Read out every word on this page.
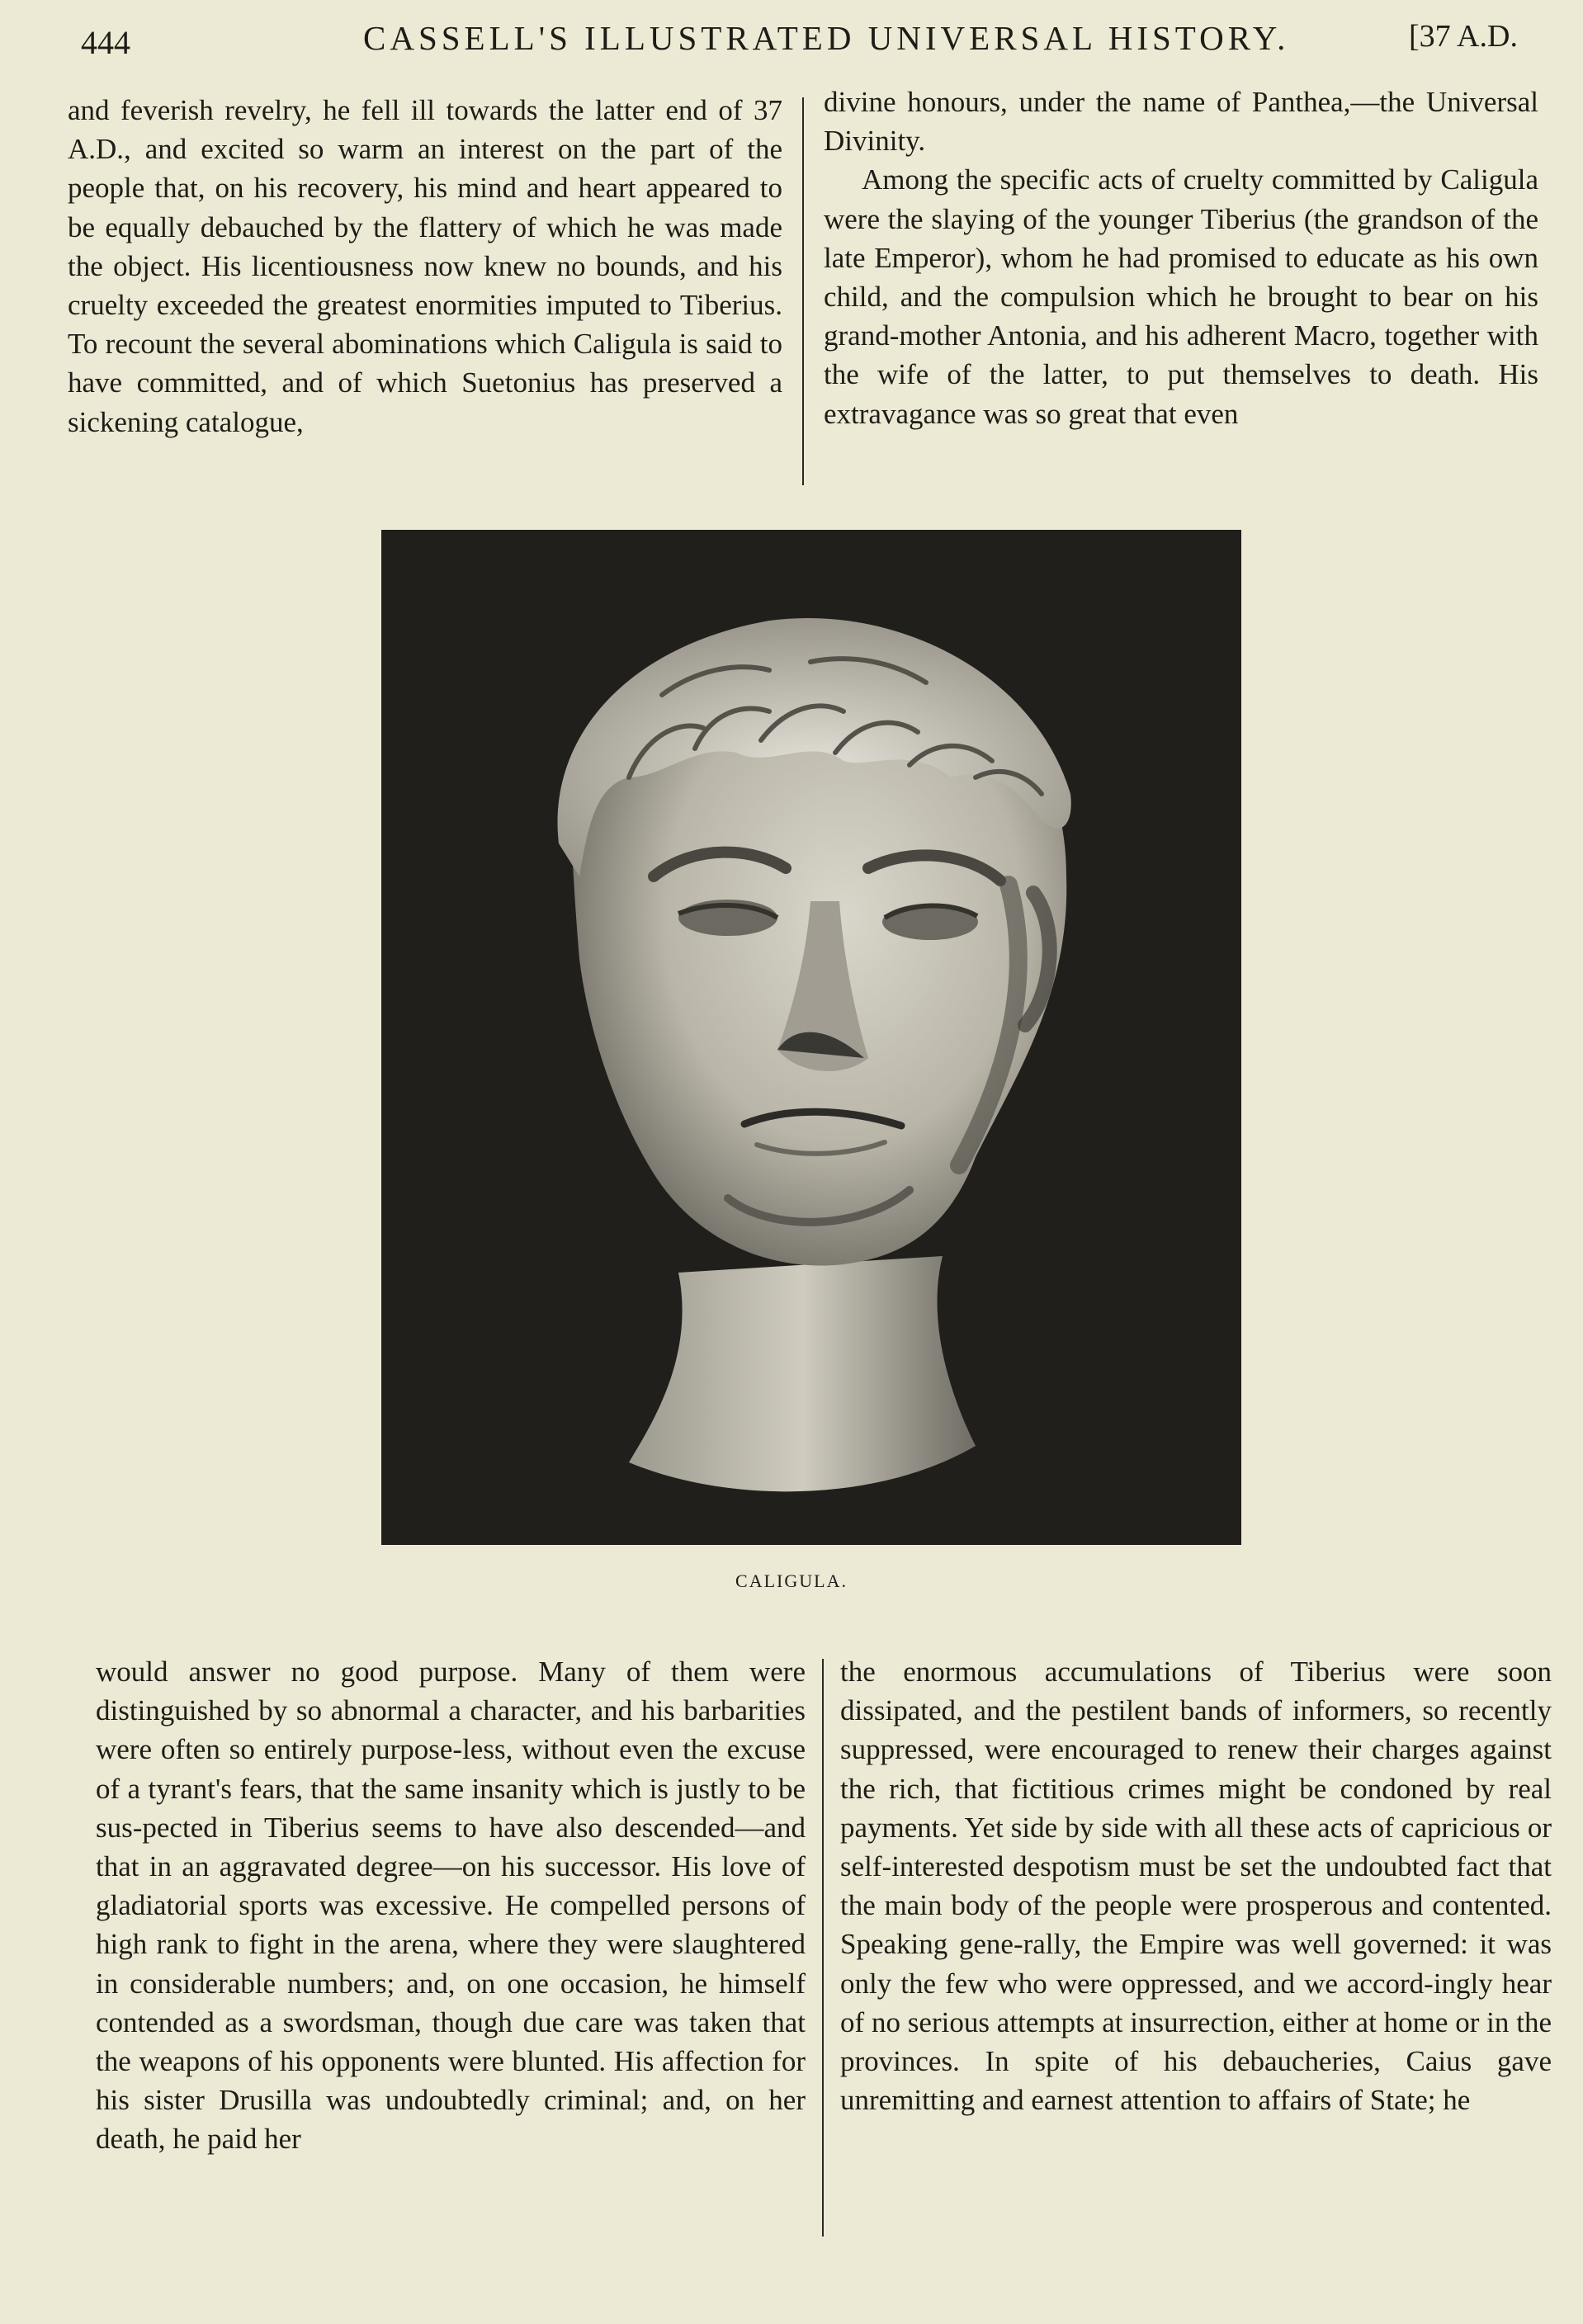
444	CASSELL'S ILLUSTRATED UNIVERSAL HISTORY.	[37 A.D.

and feverish revelry, he fell ill towards the latter end of 37 A.D., and excited so warm an interest on the part of the people that, on his recovery, his mind and heart appeared to be equally debauched by the flattery of which he was made the object. His licentiousness now knew no bounds, and his cruelty exceeded the greatest enormities imputed to Tiberius. To recount the several abominations which Caligula is said to have committed, and of which Suetonius has preserved a sickening catalogue,

divine honours, under the name of Panthea,—the Universal Divinity.

Among the specific acts of cruelty committed by Caligula were the slaying of the younger Tiberius (the grandson of the late Emperor), whom he had promised to educate as his own child, and the compulsion which he brought to bear on his grand-mother Antonia, and his adherent Macro, together with the wife of the latter, to put themselves to death. His extravagance was so great that even

CALIGULA.

would answer no good purpose. Many of them were distinguished by so abnormal a character, and his barbarities were often so entirely purpose-less, without even the excuse of a tyrant's fears, that the same insanity which is justly to be sus-pected in Tiberius seems to have also descended—and that in an aggravated degree—on his successor. His love of gladiatorial sports was excessive. He compelled persons of high rank to fight in the arena, where they were slaughtered in considerable numbers; and, on one occasion, he himself contended as a swordsman, though due care was taken that the weapons of his opponents were blunted. His affection for his sister Drusilla was undoubtedly criminal; and, on her death, he paid her

the enormous accumulations of Tiberius were soon dissipated, and the pestilent bands of informers, so recently suppressed, were encouraged to renew their charges against the rich, that fictitious crimes might be condoned by real payments. Yet side by side with all these acts of capricious or self-interested despotism must be set the undoubted fact that the main body of the people were prosperous and contented. Speaking gene-rally, the Empire was well governed: it was only the few who were oppressed, and we accord-ingly hear of no serious attempts at insurrection, either at home or in the provinces. In spite of his debaucheries, Caius gave unremitting and earnest attention to affairs of State; he
